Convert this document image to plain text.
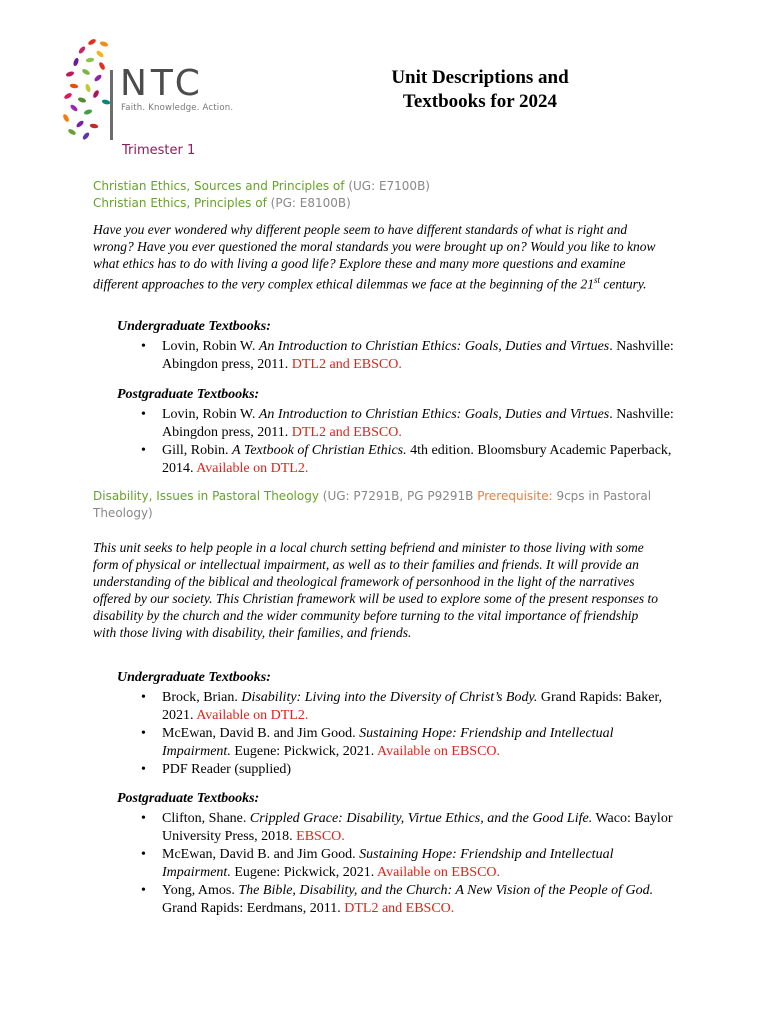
NTC
Faith. Knowledge. Action.
Unit Descriptions and
Textbooks for 2024
Trimester 1
Christian Ethics, Sources and Principles of (UG: E7100B)
Christian Ethics, Principles of (PG: E8100B)
Have you ever wondered why different people seem to have different standards of what is right and wrong? Have you ever questioned the moral standards you were brought up on? Would you like to know what ethics has to do with living a good life? Explore these and many more questions and examine different approaches to the very complex ethical dilemmas we face at the beginning of the 21st century.
Undergraduate Textbooks:
• Lovin, Robin W. An Introduction to Christian Ethics: Goals, Duties and Virtues. Nashville: Abingdon press, 2011. DTL2 and EBSCO.
Postgraduate Textbooks:
• Lovin, Robin W. An Introduction to Christian Ethics: Goals, Duties and Virtues. Nashville: Abingdon press, 2011. DTL2 and EBSCO.
• Gill, Robin. A Textbook of Christian Ethics. 4th edition. Bloomsbury Academic Paperback, 2014. Available on DTL2.
Disability, Issues in Pastoral Theology (UG: P7291B, PG P9291B Prerequisite: 9cps in Pastoral Theology)
This unit seeks to help people in a local church setting befriend and minister to those living with some form of physical or intellectual impairment, as well as to their families and friends. It will provide an understanding of the biblical and theological framework of personhood in the light of the narratives offered by our society. This Christian framework will be used to explore some of the present responses to disability by the church and the wider community before turning to the vital importance of friendship with those living with disability, their families, and friends.
Undergraduate Textbooks:
• Brock, Brian. Disability: Living into the Diversity of Christ’s Body. Grand Rapids: Baker, 2021. Available on DTL2.
• McEwan, David B. and Jim Good. Sustaining Hope: Friendship and Intellectual Impairment. Eugene: Pickwick, 2021. Available on EBSCO.
• PDF Reader (supplied)
Postgraduate Textbooks:
• Clifton, Shane. Crippled Grace: Disability, Virtue Ethics, and the Good Life. Waco: Baylor University Press, 2018. EBSCO.
• McEwan, David B. and Jim Good. Sustaining Hope: Friendship and Intellectual Impairment. Eugene: Pickwick, 2021. Available on EBSCO.
• Yong, Amos. The Bible, Disability, and the Church: A New Vision of the People of God. Grand Rapids: Eerdmans, 2011. DTL2 and EBSCO.
